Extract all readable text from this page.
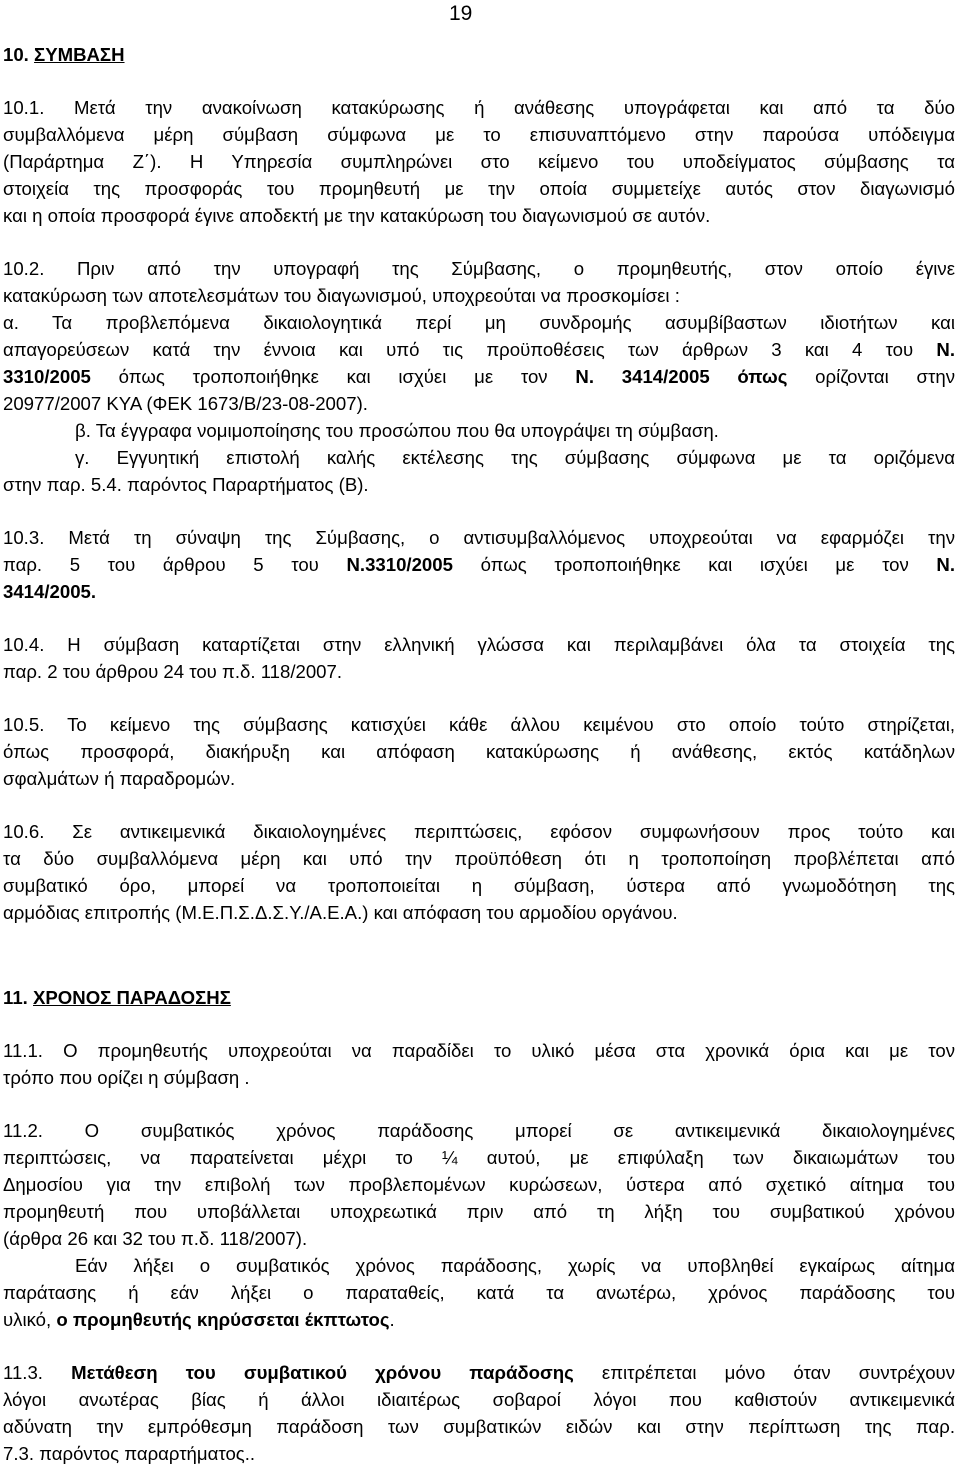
19
10. ΣΥΜΒΑΣΗ
10.1. Μετά την ανακοίνωση κατακύρωσης ή ανάθεσης υπογράφεται και από τα δύο
συμβαλλόμενα μέρη σύμβαση σύμφωνα με το επισυναπτόμενο στην παρούσα υπόδειγμα
(Παράρτημα Ζ΄). Η Υπηρεσία συμπληρώνει στο κείμενο του υποδείγματος σύμβασης τα
στοιχεία της προσφοράς του προμηθευτή με την οποία συμμετείχε αυτός στον διαγωνισμό
και η οποία προσφορά έγινε αποδεκτή με την κατακύρωση του διαγωνισμού σε αυτόν.
10.2. Πριν από την υπογραφή της Σύμβασης, ο προμηθευτής, στον οποίο έγινε
κατακύρωση των αποτελεσμάτων του διαγωνισμού, υποχρεούται να προσκομίσει :
α. Τα προβλεπόμενα δικαιολογητικά περί μη συνδρομής ασυμβίβαστων ιδιοτήτων και
απαγορεύσεων κατά την έννοια και υπό τις προϋποθέσεις των άρθρων 3 και 4 του Ν.
3310/2005 όπως τροποποιήθηκε και ισχύει με τον Ν. 3414/2005 όπως ορίζονται στην
20977/2007 ΚΥΑ (ΦΕΚ 1673/Β/23-08-2007).
β. Τα έγγραφα νομιμοποίησης του προσώπου που θα υπογράψει τη σύμβαση.
γ. Εγγυητική επιστολή καλής εκτέλεσης της σύμβασης σύμφωνα με τα οριζόμενα
στην παρ. 5.4. παρόντος Παραρτήματος (Β).
10.3. Μετά τη σύναψη της Σύμβασης, ο αντισυμβαλλόμενος υποχρεούται να εφαρμόζει την
παρ. 5 του άρθρου 5 του Ν.3310/2005 όπως τροποποιήθηκε και ισχύει με τον Ν.
3414/2005.
10.4. Η σύμβαση καταρτίζεται στην ελληνική γλώσσα και περιλαμβάνει όλα τα στοιχεία της
παρ. 2 του άρθρου 24 του π.δ. 118/2007.
10.5. Το κείμενο της σύμβασης κατισχύει κάθε άλλου κειμένου στο οποίο τούτο στηρίζεται,
όπως προσφορά, διακήρυξη και απόφαση κατακύρωσης ή ανάθεσης, εκτός κατάδηλων
σφαλμάτων ή παραδρομών.
10.6. Σε αντικειμενικά δικαιολογημένες περιπτώσεις, εφόσον συμφωνήσουν προς τούτο και
τα δύο συμβαλλόμενα μέρη και υπό την προϋπόθεση ότι η τροποποίηση προβλέπεται από
συμβατικό όρο, μπορεί να τροποποιείται η σύμβαση, ύστερα από γνωμοδότηση της
αρμόδιας επιτροπής (Μ.Ε.Π.Σ.Δ.Σ.Υ./Α.Ε.Α.) και απόφαση του αρμοδίου οργάνου.
11. ΧΡΟΝΟΣ ΠΑΡΑΔΟΣΗΣ
11.1. Ο προμηθευτής υποχρεούται να παραδίδει το υλικό μέσα στα χρονικά όρια και με τον
τρόπο που ορίζει η σύμβαση .
11.2. Ο συμβατικός χρόνος παράδοσης μπορεί σε αντικειμενικά δικαιολογημένες
περιπτώσεις, να παρατείνεται μέχρι το ¼ αυτού, με επιφύλαξη των δικαιωμάτων του
Δημοσίου για την επιβολή των προβλεπομένων κυρώσεων, ύστερα από σχετικό αίτημα του
προμηθευτή που υποβάλλεται υποχρεωτικά πριν από τη λήξη του συμβατικού χρόνου
(άρθρα 26 και 32 του π.δ. 118/2007).
Εάν λήξει ο συμβατικός χρόνος παράδοσης, χωρίς να υποβληθεί εγκαίρως αίτημα
παράτασης ή εάν λήξει ο παραταθείς, κατά τα ανωτέρω, χρόνος παράδοσης του
υλικό, ο προμηθευτής κηρύσσεται έκπτωτος.
11.3. Μετάθεση του συμβατικού χρόνου παράδοσης επιτρέπεται μόνο όταν συντρέχουν
λόγοι ανωτέρας βίας ή άλλοι ιδιαιτέρως σοβαροί λόγοι που καθιστούν αντικειμενικά
αδύνατη την εμπρόθεσμη παράδοση των συμβατικών ειδών και στην περίπτωση της παρ.
7.3. παρόντος παραρτήματος..
